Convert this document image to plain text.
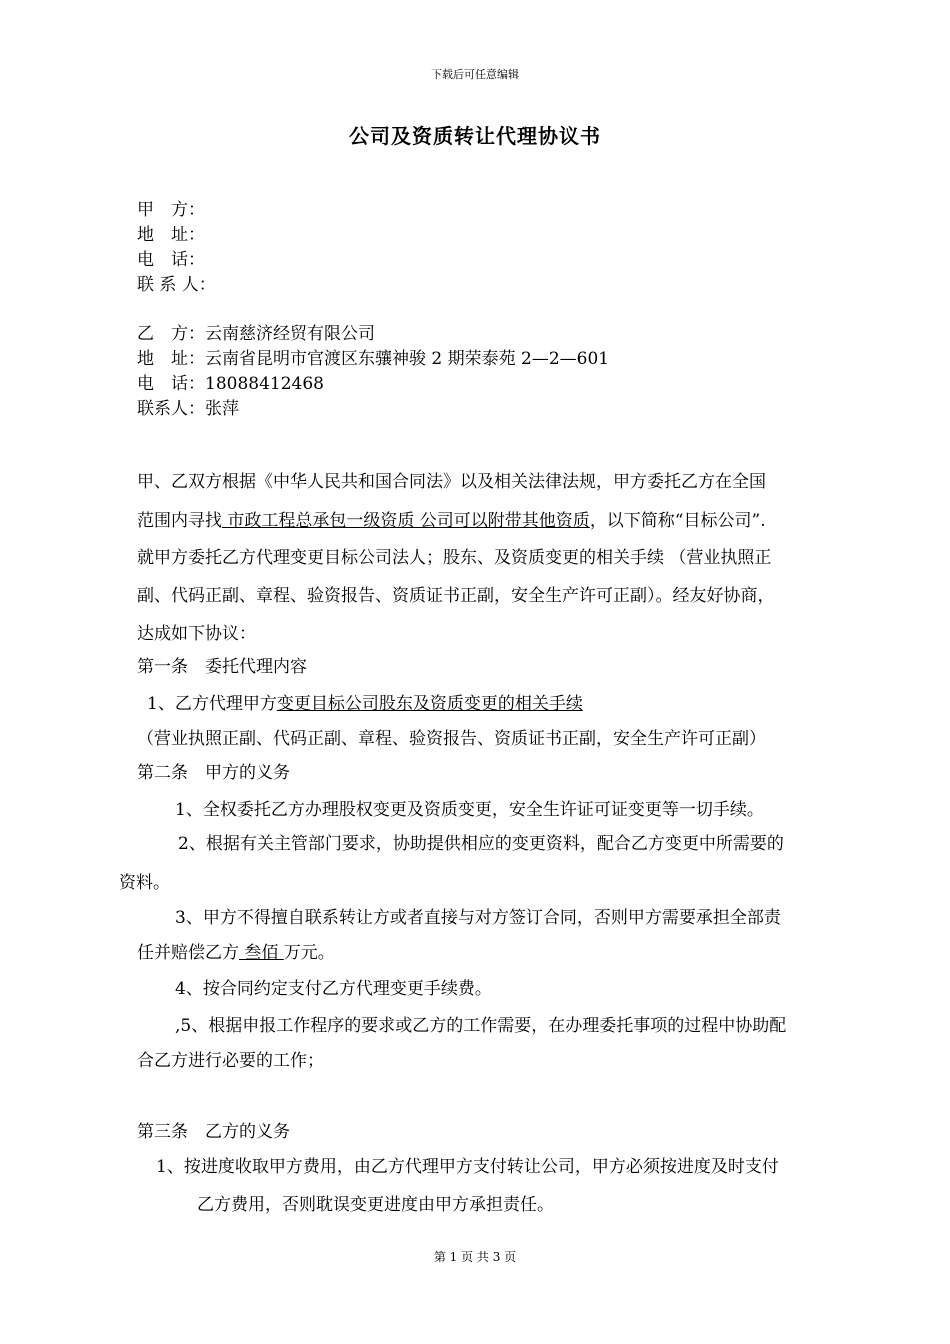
下载后可任意编辑
公司及资质转让代理协议书
甲　方：
地　址：
电　话：
联 系 人：
乙　方：云南慈济经贸有限公司
地　址：云南省昆明市官渡区东骧神骏 2 期荣泰苑 2—2—601
电　话：18088412468
联系人：张萍
甲、乙双方根据《中华人民共和国合同法》以及相关法律法规，甲方委托乙方在全国
范围内寻找 市政工程总承包一级资质 公司可以附带其他资质，以下简称“目标公司”.
就甲方委托乙方代理变更目标公司法人；股东、及资质变更的相关手续 （营业执照正
副、代码正副、章程、验资报告、资质证书正副，安全生产许可正副）。经友好协商，
达成如下协议：
第一条　委托代理内容
1、乙方代理甲方变更目标公司股东及资质变更的相关手续
（营业执照正副、代码正副、章程、验资报告、资质证书正副，安全生产许可正副）
第二条　甲方的义务
1、全权委托乙方办理股权变更及资质变更，安全生许证可证变更等一切手续。
2、根据有关主管部门要求，协助提供相应的变更资料，配合乙方变更中所需要的
资料。
3、甲方不得擅自联系转让方或者直接与对方签订合同，否则甲方需要承担全部责
任并赔偿乙方 叁佰 万元。
4、按合同约定支付乙方代理变更手续费。
,5、根据申报工作程序的要求或乙方的工作需要，在办理委托事项的过程中协助配
合乙方进行必要的工作；
第三条　乙方的义务
1、按进度收取甲方费用，由乙方代理甲方支付转让公司，甲方必须按进度及时支付
乙方费用，否则耽误变更进度由甲方承担责任。
第 1 页 共 3 页
